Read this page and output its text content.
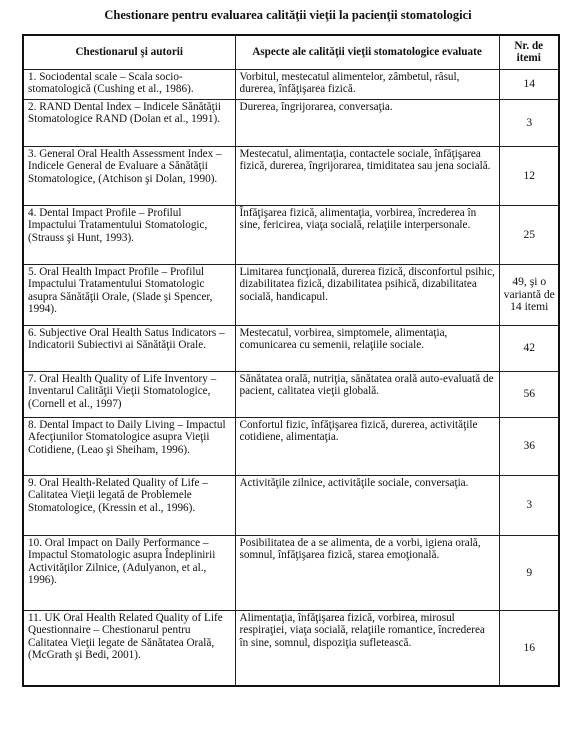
Chestionare pentru evaluarea calităţii vieţii la pacienţii stomatologici
Chestionarul şi autorii	Aspecte ale calităţii vieţii stomatologice evaluate	Nr. de itemi
1. Sociodental scale – Scala socio-stomatologică (Cushing et al., 1986).	Vorbitul, mestecatul alimentelor, zâmbetul, râsul, durerea, înfăţişarea fizică.	14
2. RAND Dental Index – Indicele Sănătăţii Stomatologice RAND (Dolan et al., 1991).	Durerea, îngrijorarea, conversaţia.	3
3. General Oral Health Assessment Index – Indicele General de Evaluare a Sănătăţii Stomatologice, (Atchison şi Dolan, 1990).	Mestecatul, alimentaţia, contactele sociale, înfăţişarea fizică, durerea, îngrijorarea, timiditatea sau jena socială.	12
4. Dental Impact Profile – Profilul Impactului Tratamentului Stomatologic, (Strauss şi Hunt, 1993).	Înfăţişarea fizică, alimentaţia, vorbirea, încrederea în sine, fericirea, viaţa socială, relaţiile interpersonale.	25
5. Oral Health Impact Profile – Profilul Impactului Tratamentului Stomatologic asupra Sănătăţii Orale, (Slade şi Spencer, 1994).	Limitarea funcţională, durerea fizică, disconfortul psihic, dizabilitatea fizică, dizabilitatea psihică, dizabilitatea socială, handicapul.	49, şi o variantă de 14 itemi
6. Subjective Oral Health Satus Indicators – Indicatorii Subiectivi ai Sănătăţii Orale.	Mestecatul, vorbirea, simptomele, alimentaţia, comunicarea cu semenii, relaţiile sociale.	42
7. Oral Health Quality of Life Inventory – Inventarul Calităţii Vieţii Stomatologice, (Cornell et al., 1997)	Sănătatea orală, nutriţia, sănătatea orală auto-evaluată de pacient, calitatea vieţii globală.	56
8. Dental Impact to Daily Living – Impactul Afecţiunilor Stomatologice asupra Vieţii Cotidiene, (Leao şi Sheiham, 1996).	Confortul fizic, înfăţişarea fizică, durerea, activităţile cotidiene, alimentaţia.	36
9. Oral Health-Related Quality of Life – Calitatea Vieţii legată de Problemele Stomatologice, (Kressin et al., 1996).	Activităţile zilnice, activităţile sociale, conversaţia.	3
10. Oral Impact on Daily Performance – Impactul Stomatologic asupra Îndeplinirii Activităţilor Zilnice, (Adulyanon, et al., 1996).	Posibilitatea de a se alimenta, de a vorbi, igiena orală, somnul, înfăţişarea fizică, starea emoţională.	9
11. UK Oral Health Related Quality of Life Questionnaire – Chestionarul pentru Calitatea Vieţii legate de Sănătatea Orală, (McGrath şi Bedi, 2001).	Alimentaţia, înfăţişarea fizică, vorbirea, mirosul respiraţiei, viaţa socială, relaţiile romantice, încrederea în sine, somnul, dispoziţia sufletească.	16
